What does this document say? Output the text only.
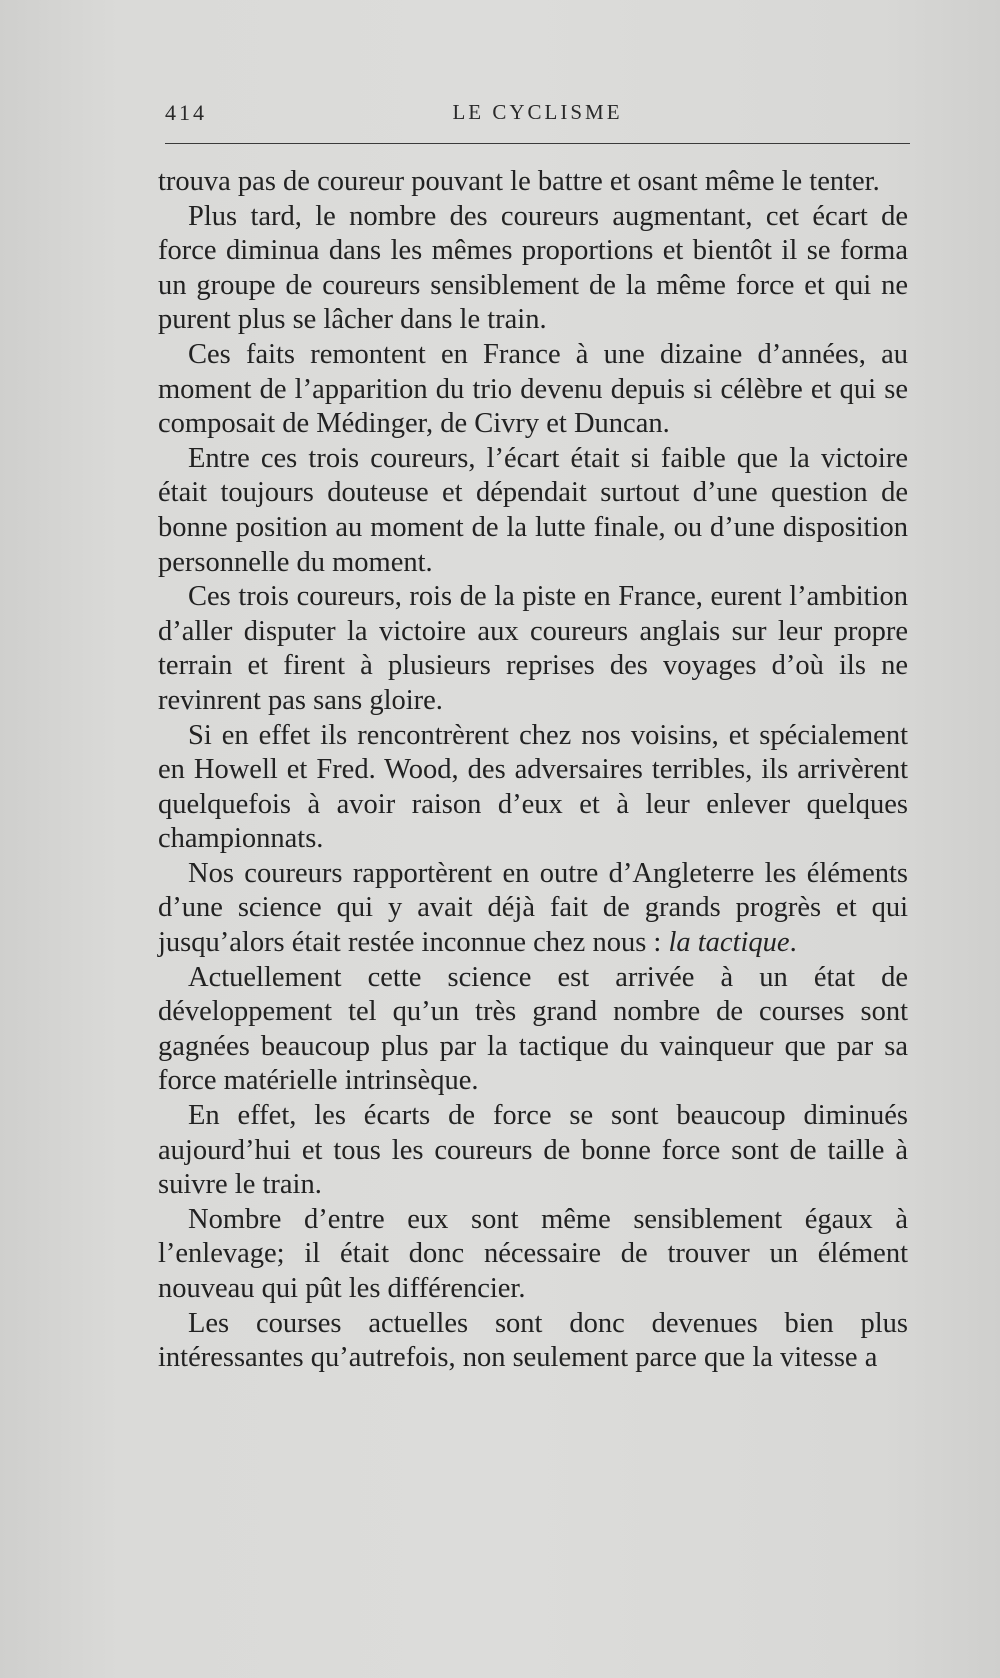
414	LE CYCLISME

trouva pas de coureur pouvant le battre et osant même le tenter.

Plus tard, le nombre des coureurs augmentant, cet écart de force diminua dans les mêmes proportions et bientôt il se forma un groupe de coureurs sensiblement de la même force et qui ne purent plus se lâcher dans le train.

Ces faits remontent en France à une dizaine d’années, au moment de l’apparition du trio devenu depuis si célèbre et qui se composait de Médinger, de Civry et Duncan.

Entre ces trois coureurs, l’écart était si faible que la victoire était toujours douteuse et dépendait surtout d’une question de bonne position au moment de la lutte finale, ou d’une disposition personnelle du moment.

Ces trois coureurs, rois de la piste en France, eurent l’ambition d’aller disputer la victoire aux coureurs anglais sur leur propre terrain et firent à plusieurs reprises des voyages d’où ils ne revinrent pas sans gloire.

Si en effet ils rencontrèrent chez nos voisins, et spécialement en Howell et Fred. Wood, des adversaires terribles, ils arrivèrent quelquefois à avoir raison d’eux et à leur enlever quelques championnats.

Nos coureurs rapportèrent en outre d’Angleterre les éléments d’une science qui y avait déjà fait de grands progrès et qui jusqu’alors était restée inconnue chez nous : la tactique.

Actuellement cette science est arrivée à un état de développement tel qu’un très grand nombre de courses sont gagnées beaucoup plus par la tactique du vainqueur que par sa force matérielle intrinsèque.

En effet, les écarts de force se sont beaucoup diminués aujourd’hui et tous les coureurs de bonne force sont de taille à suivre le train.

Nombre d’entre eux sont même sensiblement égaux à l’enlevage; il était donc nécessaire de trouver un élément nouveau qui pût les différencier.

Les courses actuelles sont donc devenues bien plus intéressantes qu’autrefois, non seulement parce que la vitesse a
